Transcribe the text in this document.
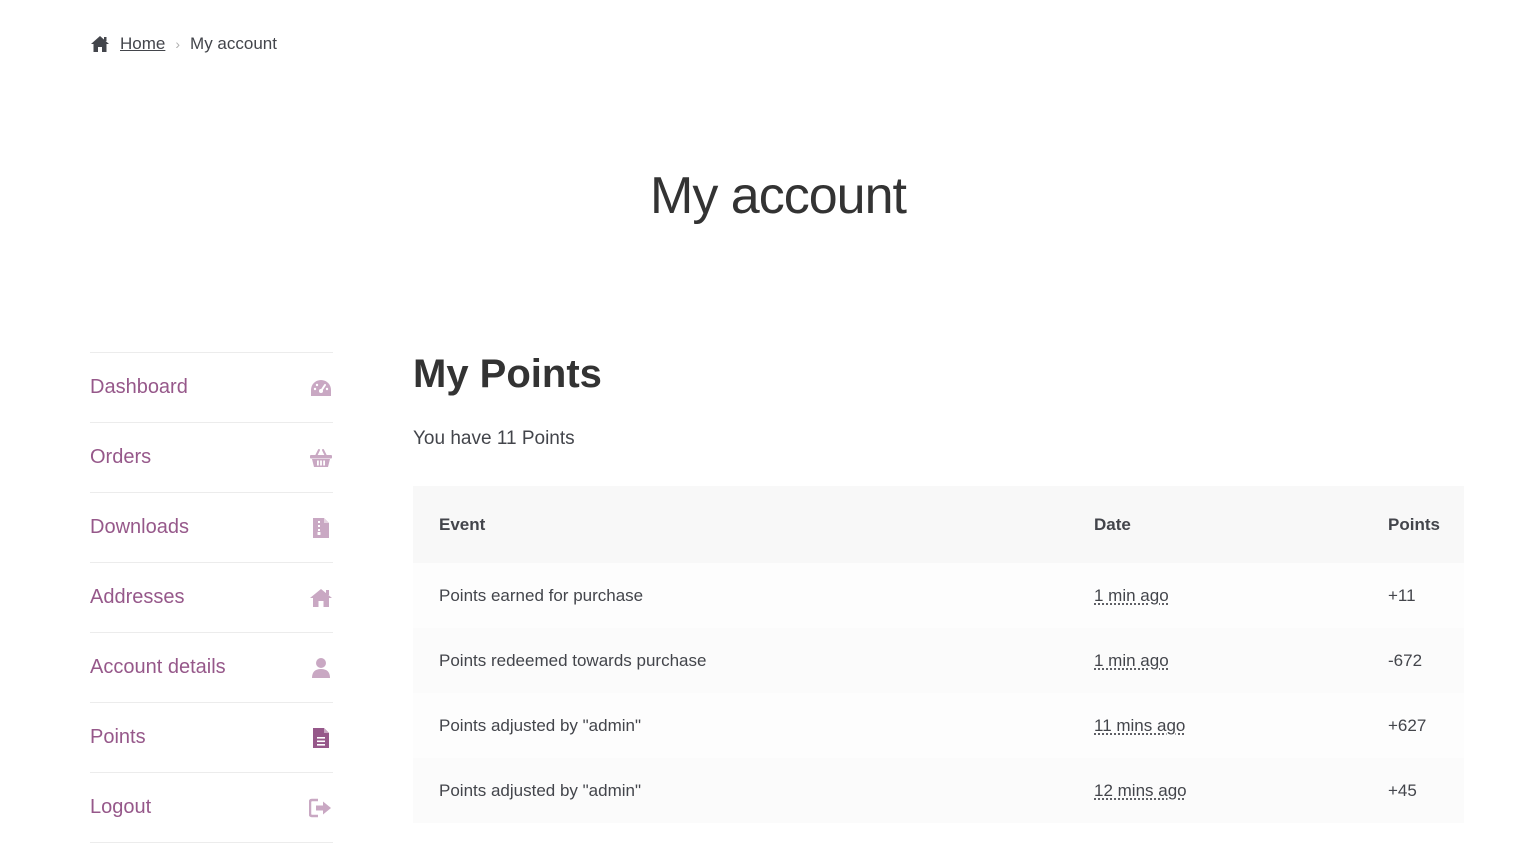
Home › My account
My account
Dashboard
Orders
Downloads
Addresses
Account details
Points
Logout
My Points

You have 11 Points

Event	Date	Points
Points earned for purchase	1 min ago	+11
Points redeemed towards purchase	1 min ago	-672
Points adjusted by "admin"	11 mins ago	+627
Points adjusted by "admin"	12 mins ago	+45
